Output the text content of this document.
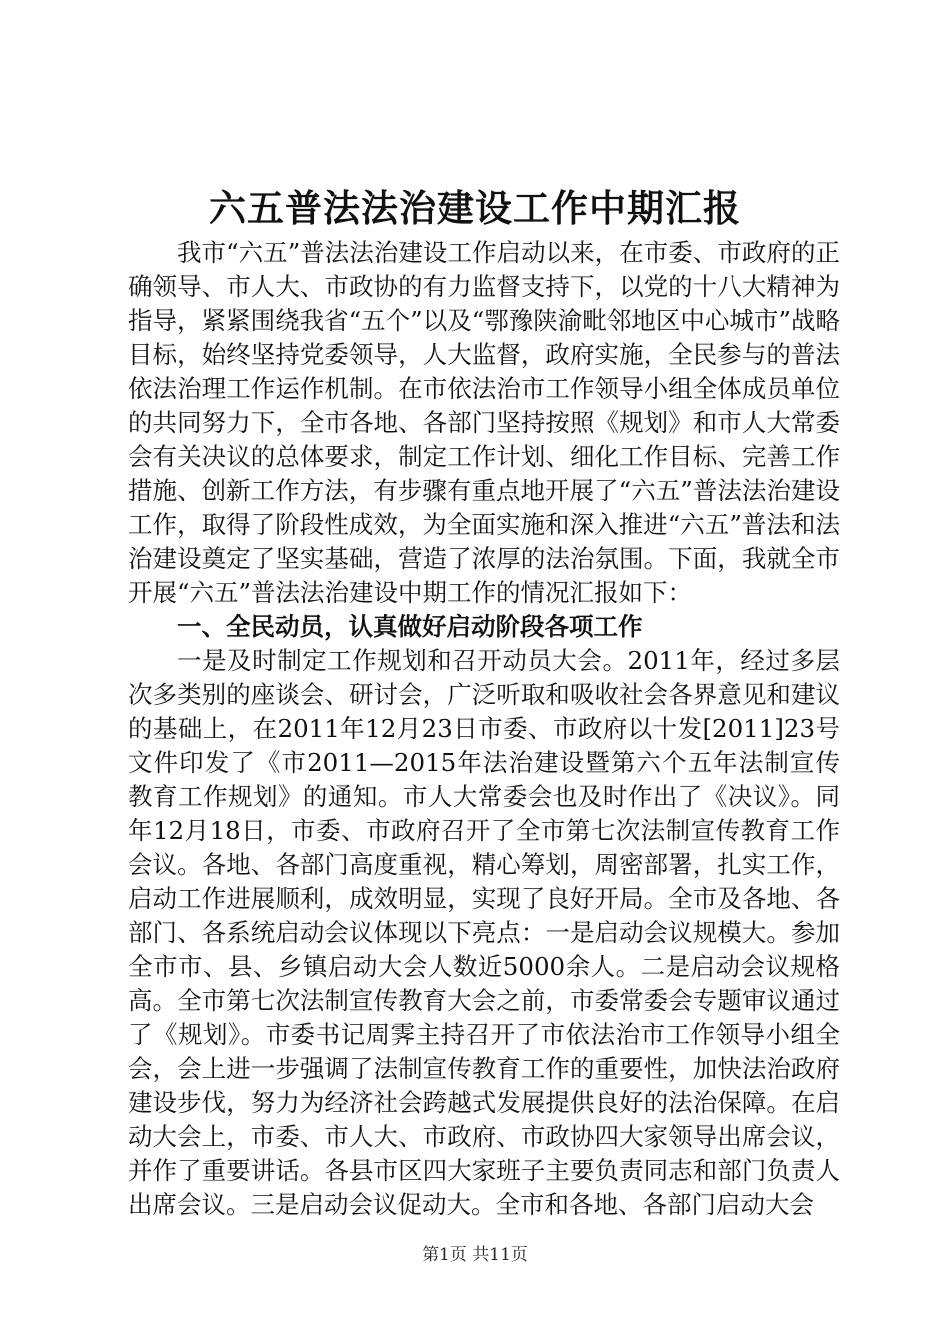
六五普法法治建设工作中期汇报

我市“六五”普法法治建设工作启动以来，在市委、市政府的正确领导、市人大、市政协的有力监督支持下，以党的十八大精神为指导，紧紧围绕我省“五个”以及“鄂豫陕渝毗邻地区中心城市”战略目标，始终坚持党委领导，人大监督，政府实施，全民参与的普法依法治理工作运作机制。在市依法治市工作领导小组全体成员单位的共同努力下，全市各地、各部门坚持按照《规划》和市人大常委会有关决议的总体要求，制定工作计划、细化工作目标、完善工作措施、创新工作方法，有步骤有重点地开展了“六五”普法法治建设工作，取得了阶段性成效，为全面实施和深入推进“六五”普法和法治建设奠定了坚实基础，营造了浓厚的法治氛围。下面，我就全市开展“六五”普法法治建设中期工作的情况汇报如下：

一、全民动员，认真做好启动阶段各项工作

一是及时制定工作规划和召开动员大会。2011年，经过多层次多类别的座谈会、研讨会，广泛听取和吸收社会各界意见和建议的基础上，在2011年12月23日市委、市政府以十发[2011]23号文件印发了《市2011—2015年法治建设暨第六个五年法制宣传教育工作规划》的通知。市人大常委会也及时作出了《决议》。同年12月18日，市委、市政府召开了全市第七次法制宣传教育工作会议。各地、各部门高度重视，精心筹划，周密部署，扎实工作，启动工作进展顺利，成效明显，实现了良好开局。全市及各地、各部门、各系统启动会议体现以下亮点：一是启动会议规模大。参加全市市、县、乡镇启动大会人数近5000余人。二是启动会议规格高。全市第七次法制宣传教育大会之前，市委常委会专题审议通过了《规划》。市委书记周霁主持召开了市依法治市工作领导小组全会，会上进一步强调了法制宣传教育工作的重要性，加快法治政府建设步伐，努力为经济社会跨越式发展提供良好的法治保障。在启动大会上，市委、市人大、市政府、市政协四大家领导出席会议，并作了重要讲话。各县市区四大家班子主要负责同志和部门负责人出席会议。三是启动会议促动大。全市和各地、各部门启动大会

第1页 共11页
